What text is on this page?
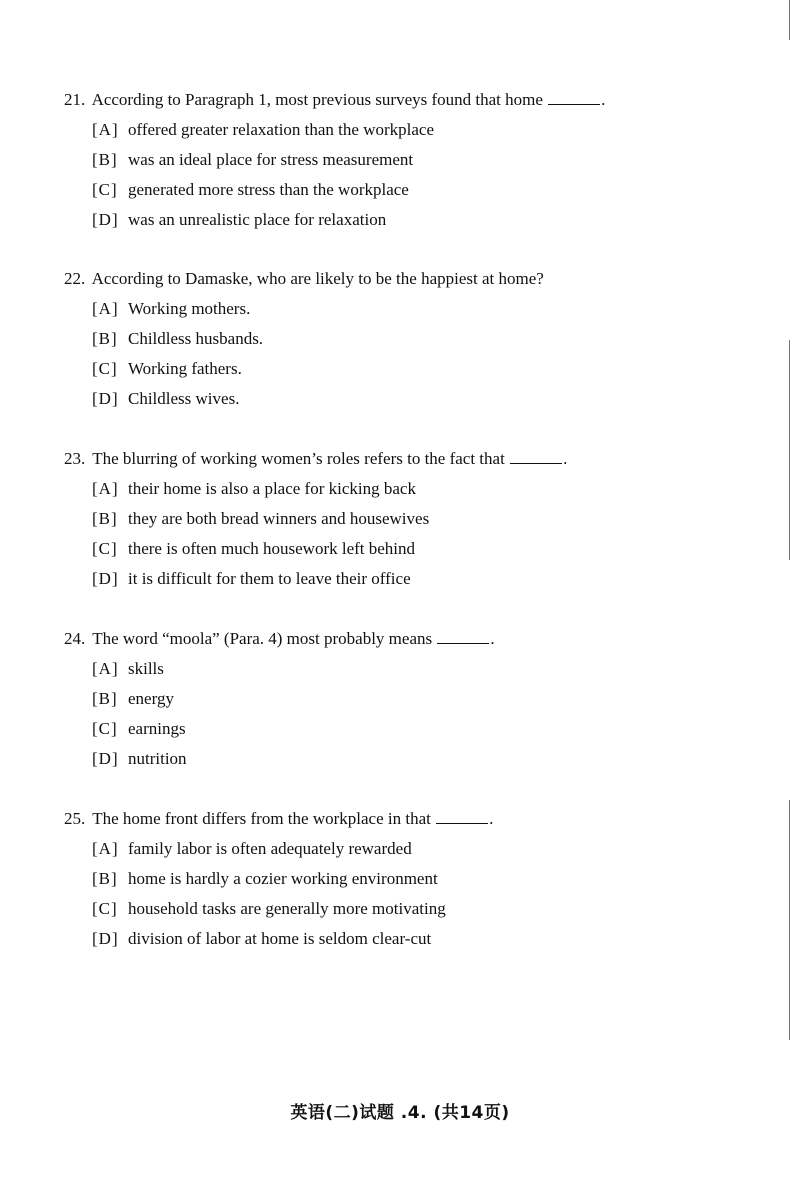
21. According to Paragraph 1, most previous surveys found that home	.
[A] offered greater relaxation than the workplace
[B] was an ideal place for stress measurement
[C] generated more stress than the workplace
[D] was an unrealistic place for relaxation
22. According to Damaske, who are likely to be the happiest at home?
[A] Working mothers.
[B] Childless husbands.
[C] Working fathers.
[D] Childless wives.
23. The blurring of working women’s roles refers to the fact that	.
[A] their home is also a place for kicking back
[B] they are both bread winners and housewives
[C] there is often much housework left behind
[D] it is difficult for them to leave their office
24. The word “moola” (Para. 4) most probably means	.
[A] skills
[B] energy
[C] earnings
[D] nutrition
25. The home front differs from the workplace in that	.
[A] family labor is often adequately rewarded
[B] home is hardly a cozier working environment
[C] household tasks are generally more motivating
[D] division of labor at home is seldom clear-cut
英语(二)试题 .4. (共14页)
